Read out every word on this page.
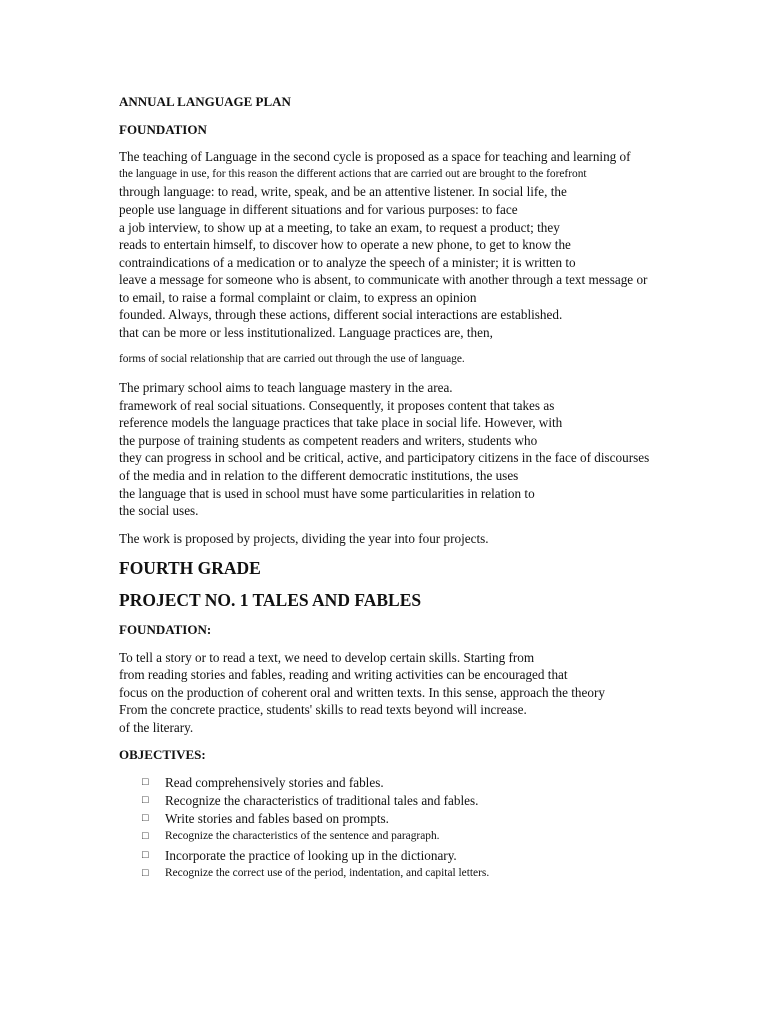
ANNUAL LANGUAGE PLAN
FOUNDATION
The teaching of Language in the second cycle is proposed as a space for teaching and learning of
the language in use, for this reason the different actions that are carried out are brought to the forefront
through language: to read, write, speak, and be an attentive listener. In social life, the
people use language in different situations and for various purposes: to face
a job interview, to show up at a meeting, to take an exam, to request a product; they
reads to entertain himself, to discover how to operate a new phone, to get to know the
contraindications of a medication or to analyze the speech of a minister; it is written to
leave a message for someone who is absent, to communicate with another through a text message or
to email, to raise a formal complaint or claim, to express an opinion
founded. Always, through these actions, different social interactions are established.
that can be more or less institutionalized. Language practices are, then,
forms of social relationship that are carried out through the use of language.
The primary school aims to teach language mastery in the area.
framework of real social situations. Consequently, it proposes content that takes as
reference models the language practices that take place in social life. However, with
the purpose of training students as competent readers and writers, students who
they can progress in school and be critical, active, and participatory citizens in the face of discourses
of the media and in relation to the different democratic institutions, the uses
the language that is used in school must have some particularities in relation to
the social uses.
The work is proposed by projects, dividing the year into four projects.
FOURTH GRADE
PROJECT NO. 1 TALES AND FABLES
FOUNDATION:
To tell a story or to read a text, we need to develop certain skills. Starting from
from reading stories and fables, reading and writing activities can be encouraged that
focus on the production of coherent oral and written texts. In this sense, approach the theory
From the concrete practice, students' skills to read texts beyond will increase.
of the literary.
OBJECTIVES:
□ Read comprehensively stories and fables.
□ Recognize the characteristics of traditional tales and fables.
□ Write stories and fables based on prompts.
□ Recognize the characteristics of the sentence and paragraph.
□ Incorporate the practice of looking up in the dictionary.
□ Recognize the correct use of the period, indentation, and capital letters.
